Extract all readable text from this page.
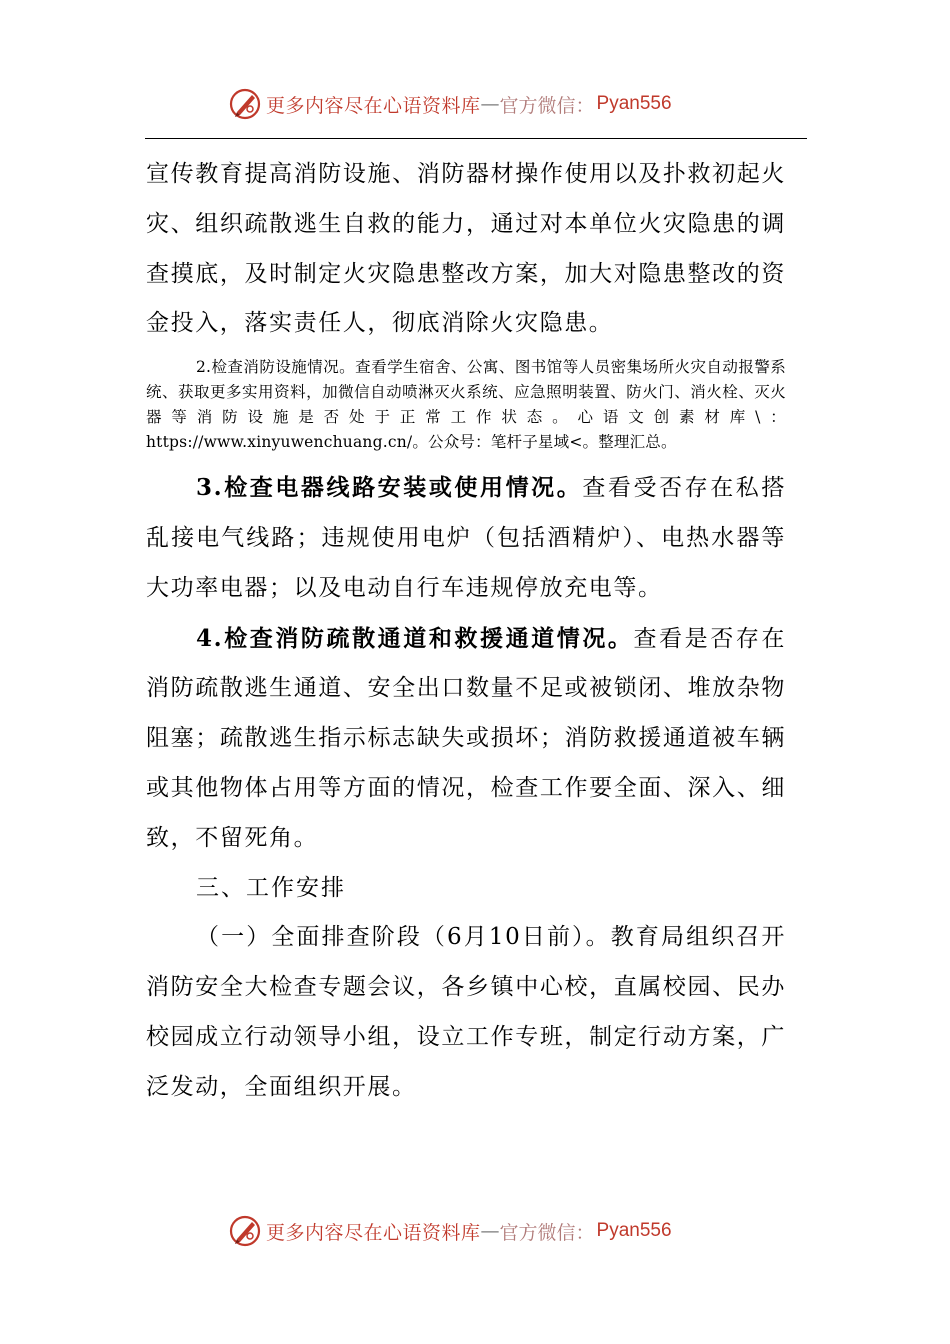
更多内容尽在心语资料库 — 官方微信： Pyan556

宣传教育提高消防设施、消防器材操作使用以及扑救初起火灾、组织疏散逃生自救的能力，通过对本单位火灾隐患的调查摸底，及时制定火灾隐患整改方案，加大对隐患整改的资金投入，落实责任人，彻底消除火灾隐患。

2.检查消防设施情况。查看学生宿舍、公寓、图书馆等人员密集场所火灾自动报警系统、获取更多实用资料，加微信自动喷淋灭火系统、应急照明装置、防火门、消火栓、灭火器等消防设施是否处于正常工作状态。心语文创素材库\：https://www.xinyuwenchuang.cn/。公众号：笔杆子星域<。整理汇总。

3.检查电器线路安装或使用情况。查看受否存在私搭乱接电气线路；违规使用电炉（包括酒精炉）、电热水器等大功率电器；以及电动自行车违规停放充电等。

4.检查消防疏散通道和救援通道情况。查看是否存在消防疏散逃生通道、安全出口数量不足或被锁闭、堆放杂物阻塞；疏散逃生指示标志缺失或损坏；消防救援通道被车辆或其他物体占用等方面的情况，检查工作要全面、深入、细致，不留死角。

三、工作安排

（一）全面排查阶段（6月10日前）。教育局组织召开消防安全大检查专题会议，各乡镇中心校，直属校园、民办校园成立行动领导小组，设立工作专班，制定行动方案，广泛发动，全面组织开展。

更多内容尽在心语资料库 — 官方微信： Pyan556
